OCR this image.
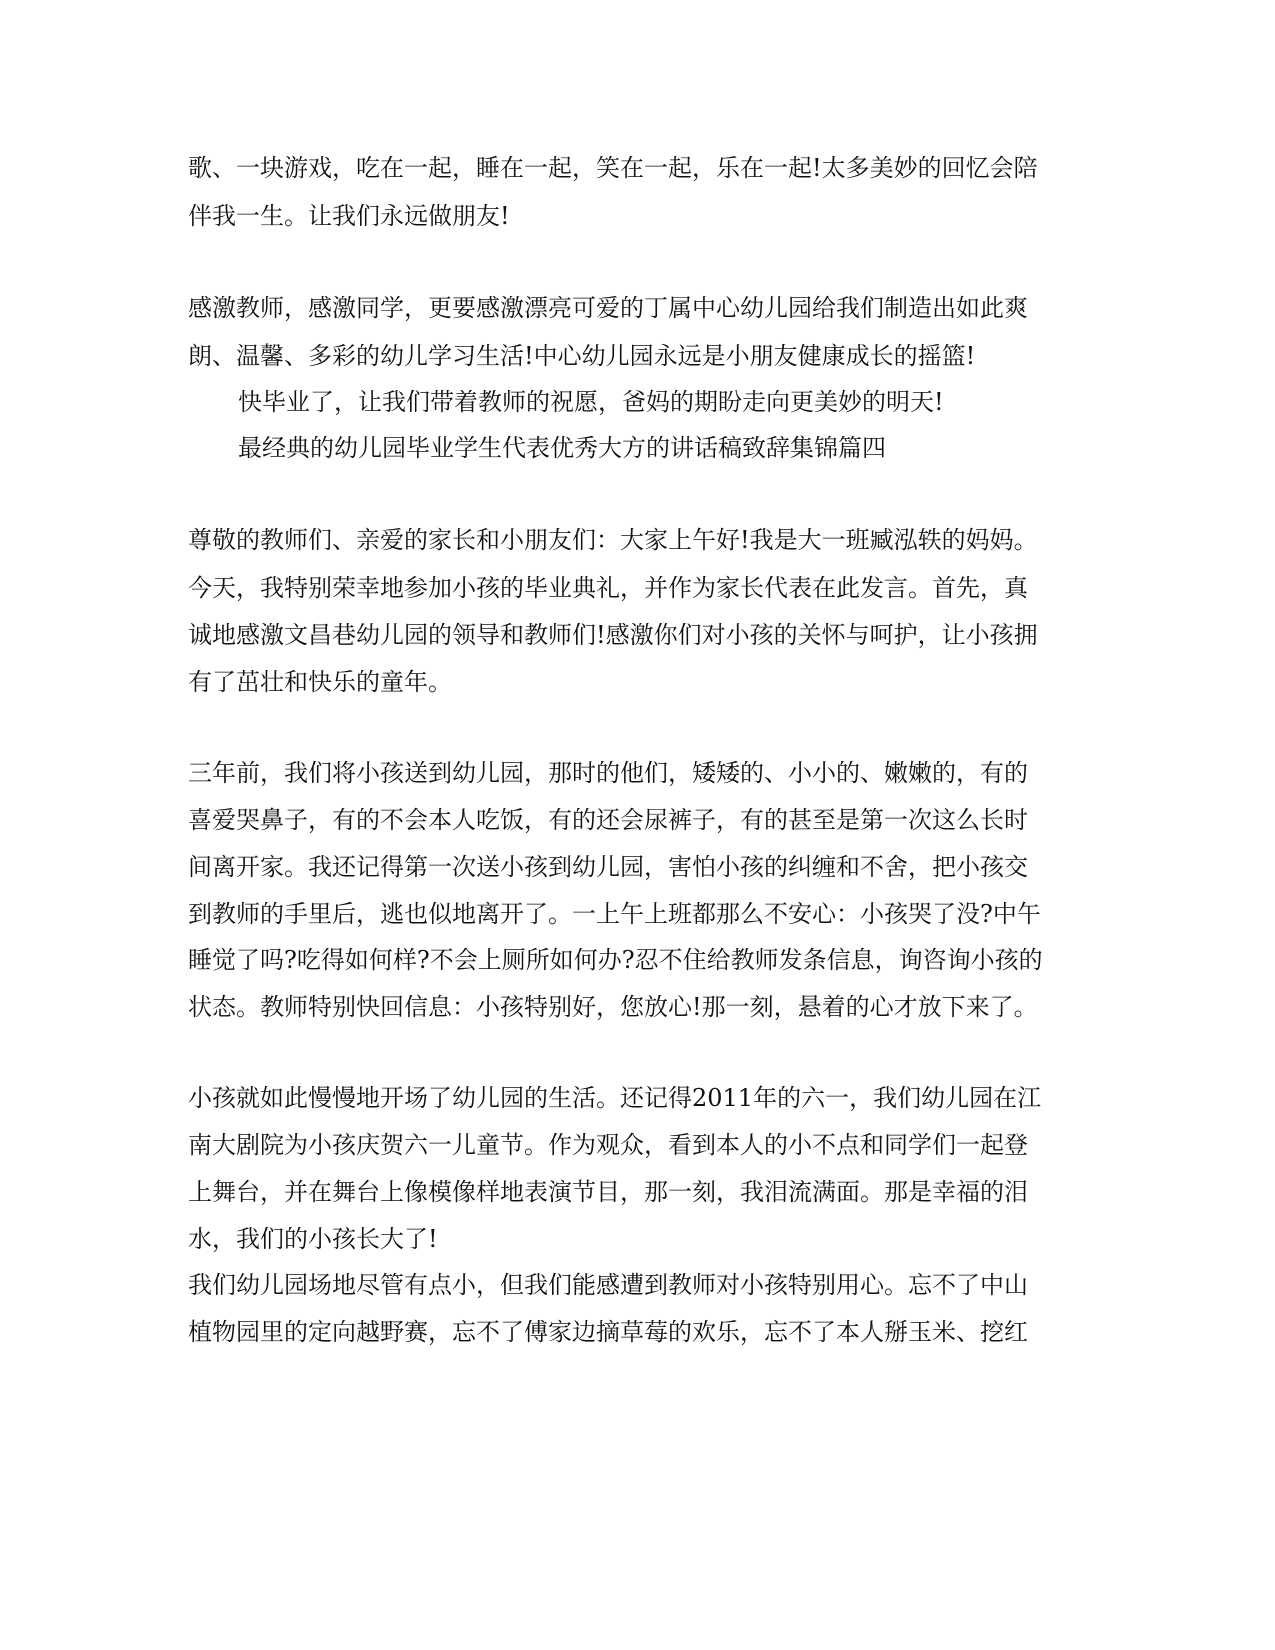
歌、一块游戏，吃在一起，睡在一起，笑在一起，乐在一起!太多美妙的回忆会陪
伴我一生。让我们永远做朋友!
感激教师，感激同学，更要感激漂亮可爱的丁属中心幼儿园给我们制造出如此爽
朗、温馨、多彩的幼儿学习生活!中心幼儿园永远是小朋友健康成长的摇篮!
快毕业了，让我们带着教师的祝愿，爸妈的期盼走向更美妙的明天!
最经典的幼儿园毕业学生代表优秀大方的讲话稿致辞集锦篇四
尊敬的教师们、亲爱的家长和小朋友们：大家上午好!我是大一班臧泓轶的妈妈。
今天，我特别荣幸地参加小孩的毕业典礼，并作为家长代表在此发言。首先，真
诚地感激文昌巷幼儿园的领导和教师们!感激你们对小孩的关怀与呵护，让小孩拥
有了茁壮和快乐的童年。
三年前，我们将小孩送到幼儿园，那时的他们，矮矮的、小小的、嫩嫩的，有的
喜爱哭鼻子，有的不会本人吃饭，有的还会尿裤子，有的甚至是第一次这么长时
间离开家。我还记得第一次送小孩到幼儿园，害怕小孩的纠缠和不舍，把小孩交
到教师的手里后，逃也似地离开了。一上午上班都那么不安心：小孩哭了没?中午
睡觉了吗?吃得如何样?不会上厕所如何办?忍不住给教师发条信息，询咨询小孩的
状态。教师特别快回信息：小孩特别好，您放心!那一刻，悬着的心才放下来了。
小孩就如此慢慢地开场了幼儿园的生活。还记得2011年的六一，我们幼儿园在江
南大剧院为小孩庆贺六一儿童节。作为观众，看到本人的小不点和同学们一起登
上舞台，并在舞台上像模像样地表演节目，那一刻，我泪流满面。那是幸福的泪
水，我们的小孩长大了!
我们幼儿园场地尽管有点小，但我们能感遭到教师对小孩特别用心。忘不了中山
植物园里的定向越野赛，忘不了傅家边摘草莓的欢乐，忘不了本人掰玉米、挖红
